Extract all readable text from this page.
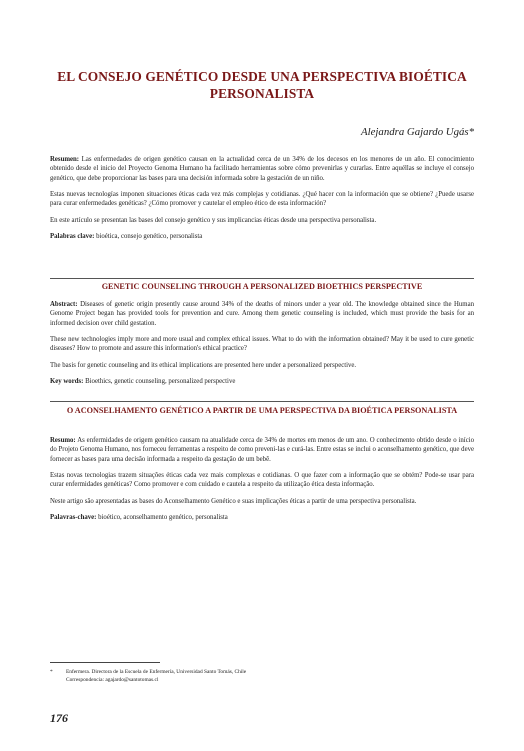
EL CONSEJO GENÉTICO DESDE UNA PERSPECTIVA BIOÉTICA PERSONALISTA
Alejandra Gajardo Ugás*

Resumen: Las enfermedades de origen genético causan en la actualidad cerca de un 34% de los decesos en los menores de un año. El conocimiento obtenido desde el inicio del Proyecto Genoma Humano ha facilitado herramientas sobre cómo prevenirlas y curarlas. Entre aquéllas se incluye el consejo genético, que debe proporcionar las bases para una decisión informada sobre la gestación de un niño.

Estas nuevas tecnologías imponen situaciones éticas cada vez más complejas y cotidianas. ¿Qué hacer con la información que se obtiene? ¿Puede usarse para curar enfermedades genéticas? ¿Cómo promover y cautelar el empleo ético de esta información?

En este artículo se presentan las bases del consejo genético y sus implicancias éticas desde una perspectiva personalista.

Palabras clave: bioética, consejo genético, personalista

GENETIC COUNSELING THROUGH A PERSONALIZED BIOETHICS PERSPECTIVE

Abstract: Diseases of genetic origin presently cause around 34% of the deaths of minors under a year old. The knowledge obtained since the Human Genome Project began has provided tools for prevention and cure. Among them genetic counseling is included, which must provide the basis for an informed decision over child gestation.

These new technologies imply more and more usual and complex ethical issues. What to do with the information obtained? May it be used to cure genetic diseases? How to promote and assure this information's ethical practice?

The basis for genetic counseling and its ethical implications are presented here under a personalized perspective.

Key words: Bioethics, genetic counseling, personalized perspective

O ACONSELHAMENTO GENÉTICO A PARTIR DE UMA PERSPECTIVA DA BIOÉTICA PERSONALISTA

Resumo: As enfermidades de origem genético causam na atualidade cerca de 34% de mortes em menos de um ano. O conhecimento obtido desde o início do Projeto Genoma Humano, nos forneceu ferramentas a respeito de como preveni-las e curá-las. Entre estas se inclui o aconselhamento genético, que deve fornecer as bases para uma decisão informada a respeito da gestação de um bebê.

Estas novas tecnologias trazem situações éticas cada vez mais complexas e cotidianas. O que fazer com a informação que se obtém? Pode-se usar para curar enfermidades genéticas? Como promover e com cuidado e cautela a respeito da utilização ética desta informação.

Neste artigo são apresentadas as bases do Aconselhamento Genético e suas implicações éticas a partir de uma perspectiva personalista.

Palavras-chave: bioético, aconselhamento genético, personalista

* Enfermera. Directora de la Escuela de Enfermería, Universidad Santo Tomás, Chile
Correspondencia: agajardo@santotomas.cl
176
